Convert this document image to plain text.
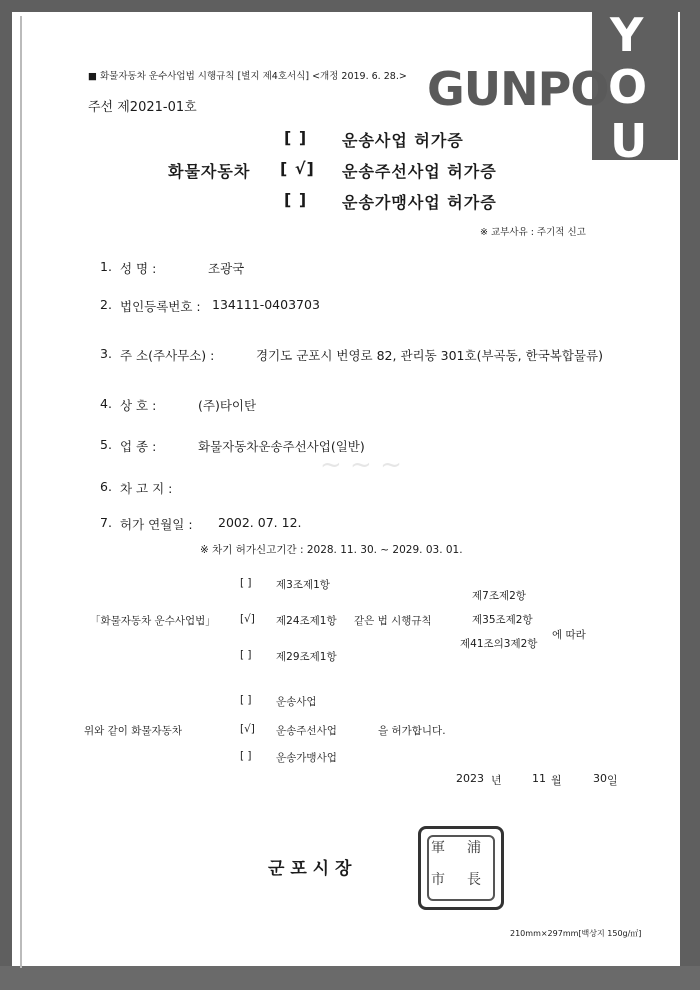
GUNPO
Y
O
U
■ 화물자동차 운수사업법 시행규칙 [별지 제4호서식] <개정 2019. 6. 28.>
주선 제2021-01호
화물자동차
[ ] 운송사업 허가증
[ √] 운송주선사업 허가증
[ ] 운송가맹사업 허가증
※ 교부사유 : 주기적 신고
1. 성 명 :	조광국
2. 법인등록번호 : 134111-0403703
3. 주 소(주사무소) :	경기도 군포시 번영로 82, 관리동 301호(부곡동, 한국복합물류)
4. 상 호 :	(주)타이탄
5. 업 종 :	화물자동차운송주선사업(일반)
~ ~ ~
6. 차 고 지 :
7. 허가 연월일 : 2002. 07. 12.
※ 차기 허가신고기간 : 2028. 11. 30. ~ 2029. 03. 01.
「화물자동차 운수사업법」
[ ] 제3조제1항
[√] 제24조제1항
[ ] 제29조제1항
같은 법 시행규칙
제7조제2항
제35조제2항
제41조의3제2항
에 따라
위와 같이 화물자동차
[ ] 운송사업
[√] 운송주선사업
[ ] 운송가맹사업
을 허가합니다.
2023 년	11 월	30 일
軍 浦
市 長
군 포 시 장
210mm×297mm[백상지 150g/㎡]
